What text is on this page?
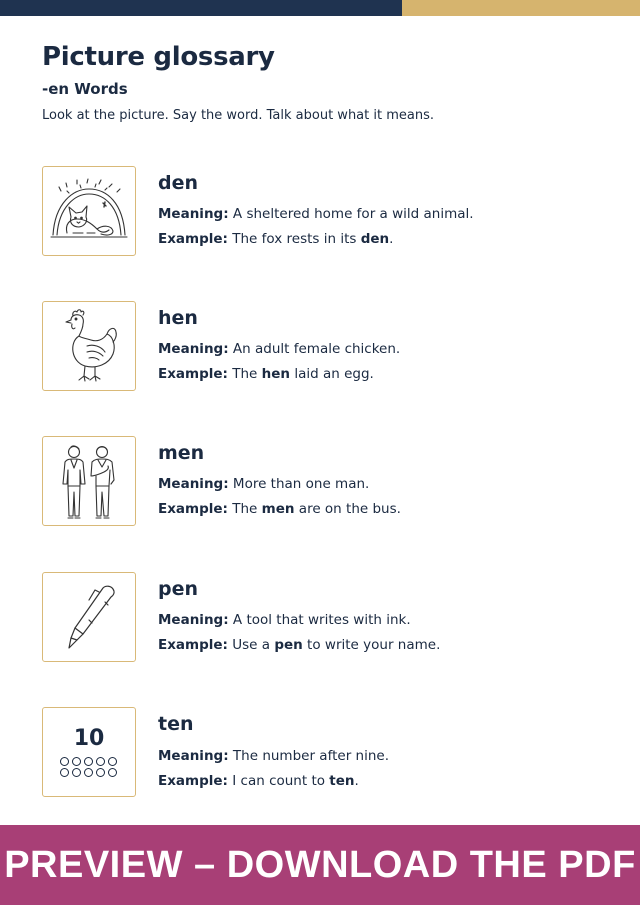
Picture glossary
-en Words

Look at the picture. Say the word. Talk about what it means.

den
Meaning: A sheltered home for a wild animal.
Example: The fox rests in its den.
hen
Meaning: An adult female chicken.
Example: The hen laid an egg.
men
Meaning: More than one man.
Example: The men are on the bus.
pen
Meaning: A tool that writes with ink.
Example: Use a pen to write your name.
10
ten
Meaning: The number after nine.
Example: I can count to ten.
PREVIEW – DOWNLOAD THE PDF
